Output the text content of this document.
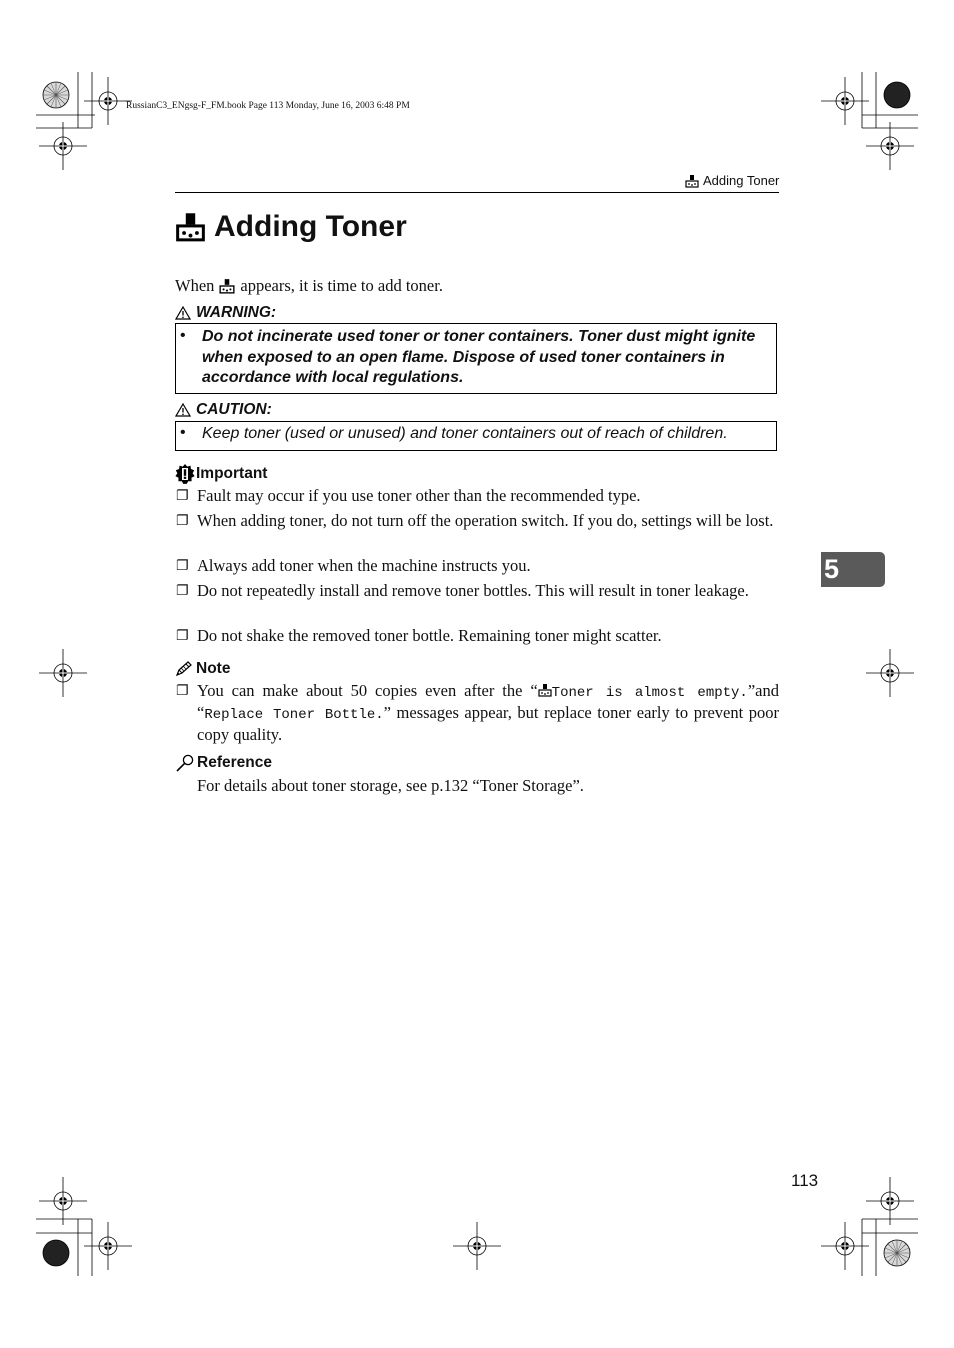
RussianC3_ENgsg-F_FM.book Page 113 Monday, June 16, 2003 6:48 PM
Adding Toner
Adding Toner
When appears, it is time to add toner.
WARNING:
• Do not incinerate used toner or toner containers. Toner dust might ignite when exposed to an open flame. Dispose of used toner containers in accordance with local regulations.
CAUTION:
• Keep toner (used or unused) and toner containers out of reach of children.
Important
❐ Fault may occur if you use toner other than the recommended type.
❐ When adding toner, do not turn off the operation switch. If you do, settings will be lost.
❐ Always add toner when the machine instructs you.
❐ Do not repeatedly install and remove toner bottles. This will result in toner leakage.
❐ Do not shake the removed toner bottle. Remaining toner might scatter.
Note
❐ You can make about 50 copies even after the “ Toner is almost empty.”and “Replace Toner Bottle.” messages appear, but replace toner early to prevent poor copy quality.
Reference
For details about toner storage, see p.132 “Toner Storage”.
5
113
